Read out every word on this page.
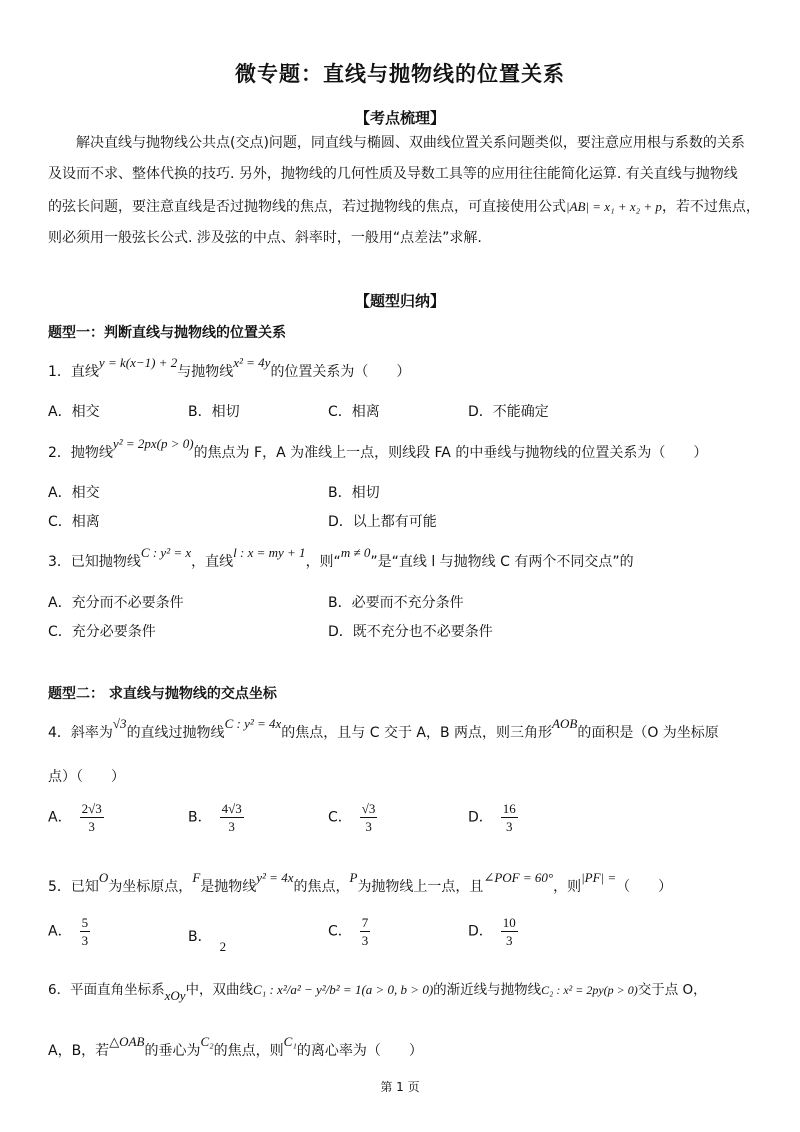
微专题：直线与抛物线的位置关系
【考点梳理】
解决直线与抛物线公共点(交点)问题，同直线与椭圆、双曲线位置关系问题类似，要注意应用根与系数的关系
及设而不求、整体代换的技巧. 另外，抛物线的几何性质及导数工具等的应用往往能简化运算. 有关直线与抛物线
的弦长问题，要注意直线是否过抛物线的焦点，若过抛物线的焦点，可直接使用公式|AB| = x₁ + x₂ + p，若不过焦点，
则必须用一般弦长公式. 涉及弦的中点、斜率时，一般用“点差法”求解.
【题型归纳】
题型一：判断直线与抛物线的位置关系
1．直线y = k(x−1) + 2与抛物线x² = 4y的位置关系为（　　）
A．相交	B．相切	C．相离	D．不能确定
2．抛物线y² = 2px(p > 0)的焦点为 F，A 为准线上一点，则线段 FA 的中垂线与抛物线的位置关系为（　　）
A．相交	B．相切
C．相离	D．以上都有可能
3．已知抛物线C : y² = x，直线l : x = my + 1，则“m ≠ 0”是“直线 l 与抛物线 C 有两个不同交点”的
A．充分而不必要条件	B．必要而不充分条件
C．充分必要条件	D．既不充分也不必要条件
题型二： 求直线与抛物线的交点坐标
4．斜率为√3的直线过抛物线C : y² = 4x的焦点，且与 C 交于 A，B 两点，则三角形AOB的面积是（O 为坐标原
点）（　　）
A． $\frac{2√3}{3}$	B． $\frac{4√3}{3}$	C． $\frac{√3}{3}$	D． $\frac{16}{3}$
5．已知O为坐标原点，F是抛物线y² = 4x的焦点，P为抛物线上一点，且∠POF = 60°，则|PF| =（　　）
A． $\frac{5}{3}$	B．2
C． $\frac{7}{3}$	D． $\frac{10}{3}$
6．平面直角坐标系xOy中，双曲线C₁ : x²/a² − y²/b² = 1(a > 0, b > 0)的渐近线与抛物线C₂ : x² = 2py(p > 0)交于点 O，
A，B，若△OAB的垂心为C₂的焦点，则C₁的离心率为（　　）
第 1 页
